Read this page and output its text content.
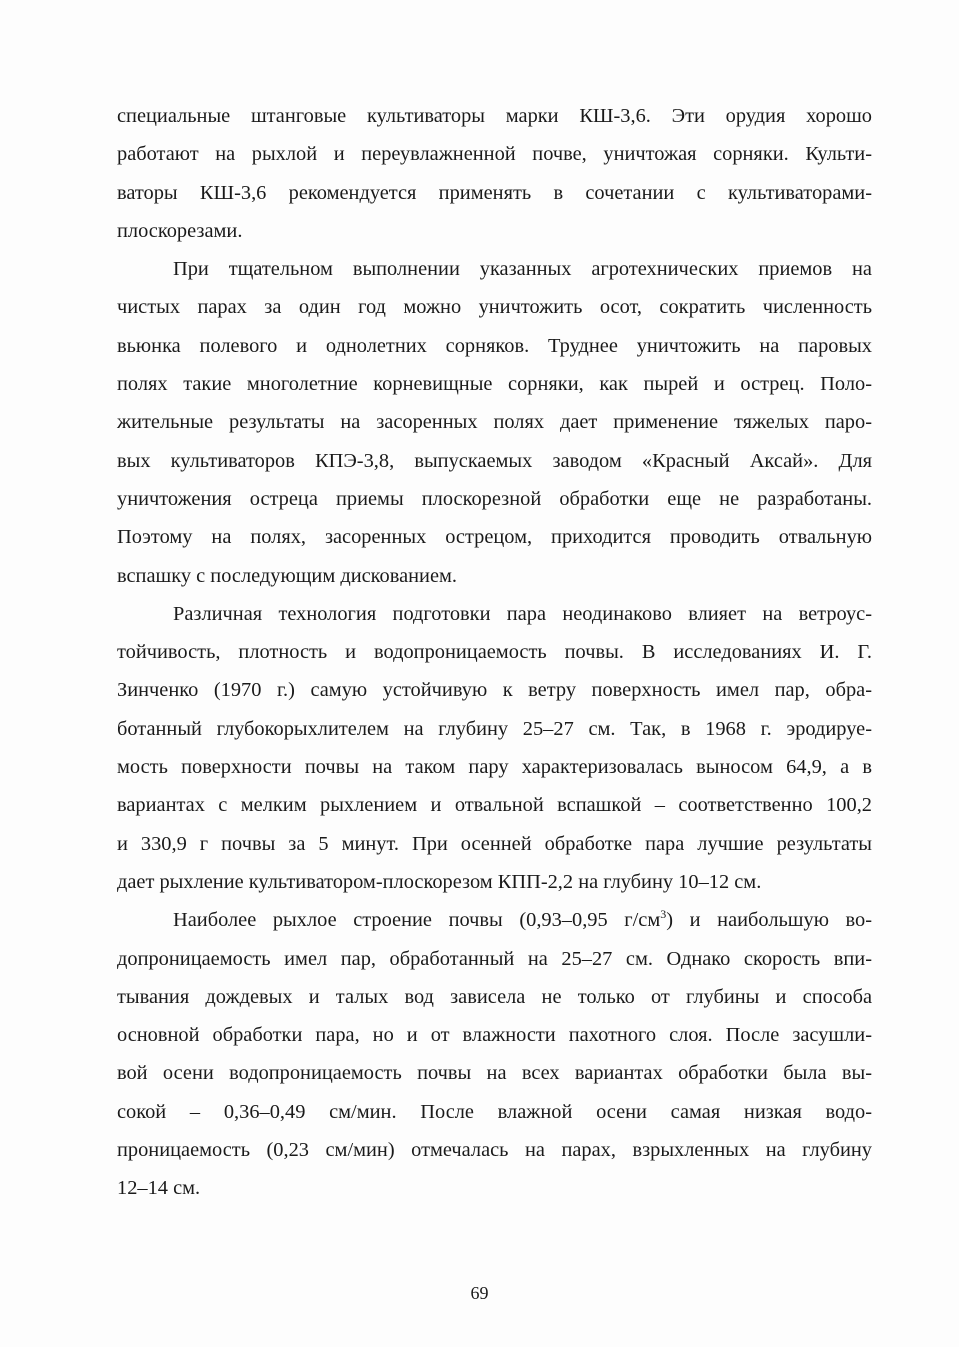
специальные штанговые культиваторы марки КШ-3,6. Эти орудия хорошо
работают на рыхлой и переувлажненной почве, уничтожая сорняки. Культи-
ваторы КШ-3,6 рекомендуется применять в сочетании с культиваторами-
плоскорезами.

При тщательном выполнении указанных агротехнических приемов на
чистых парах за один год можно уничтожить осот, сократить численность
вьюнка полевого и однолетних сорняков. Труднее уничтожить на паровых
полях такие многолетние корневищные сорняки, как пырей и острец. Поло-
жительные результаты на засоренных полях дает применение тяжелых паро-
вых культиваторов КПЭ-3,8, выпускаемых заводом «Красный Аксай». Для
уничтожения остреца приемы плоскорезной обработки еще не разработаны.
Поэтому на полях, засоренных острецом, приходится проводить отвальную
вспашку с последующим дискованием.

Различная технология подготовки пара неодинаково влияет на ветроус-
тойчивость, плотность и водопроницаемость почвы. В исследованиях И. Г.
Зинченко (1970 г.) самую устойчивую к ветру поверхность имел пар, обра-
ботанный глубокорыхлителем на глубину 25–27 см. Так, в 1968 г. эродируе-
мость поверхности почвы на таком пару характеризовалась выносом 64,9, а в
вариантах с мелким рыхлением и отвальной вспашкой – соответственно 100,2
и 330,9 г почвы за 5 минут. При осенней обработке пара лучшие результаты
дает рыхление культиватором-плоскорезом КПП-2,2 на глубину 10–12 см.

Наиболее рыхлое строение почвы (0,93–0,95 $г/см^3$) и наибольшую во-
допроницаемость имел пар, обработанный на 25–27 см. Однако скорость впи-
тывания дождевых и талых вод зависела не только от глубины и способа
основной обработки пара, но и от влажности пахотного слоя. После засушли-
вой осени водопроницаемость почвы на всех вариантах обработки была вы-
сокой – 0,36–0,49 см/мин. После влажной осени самая низкая водо-
проницаемость (0,23 см/мин) отмечалась на парах, взрыхленных на глубину
12–14 см.

69
